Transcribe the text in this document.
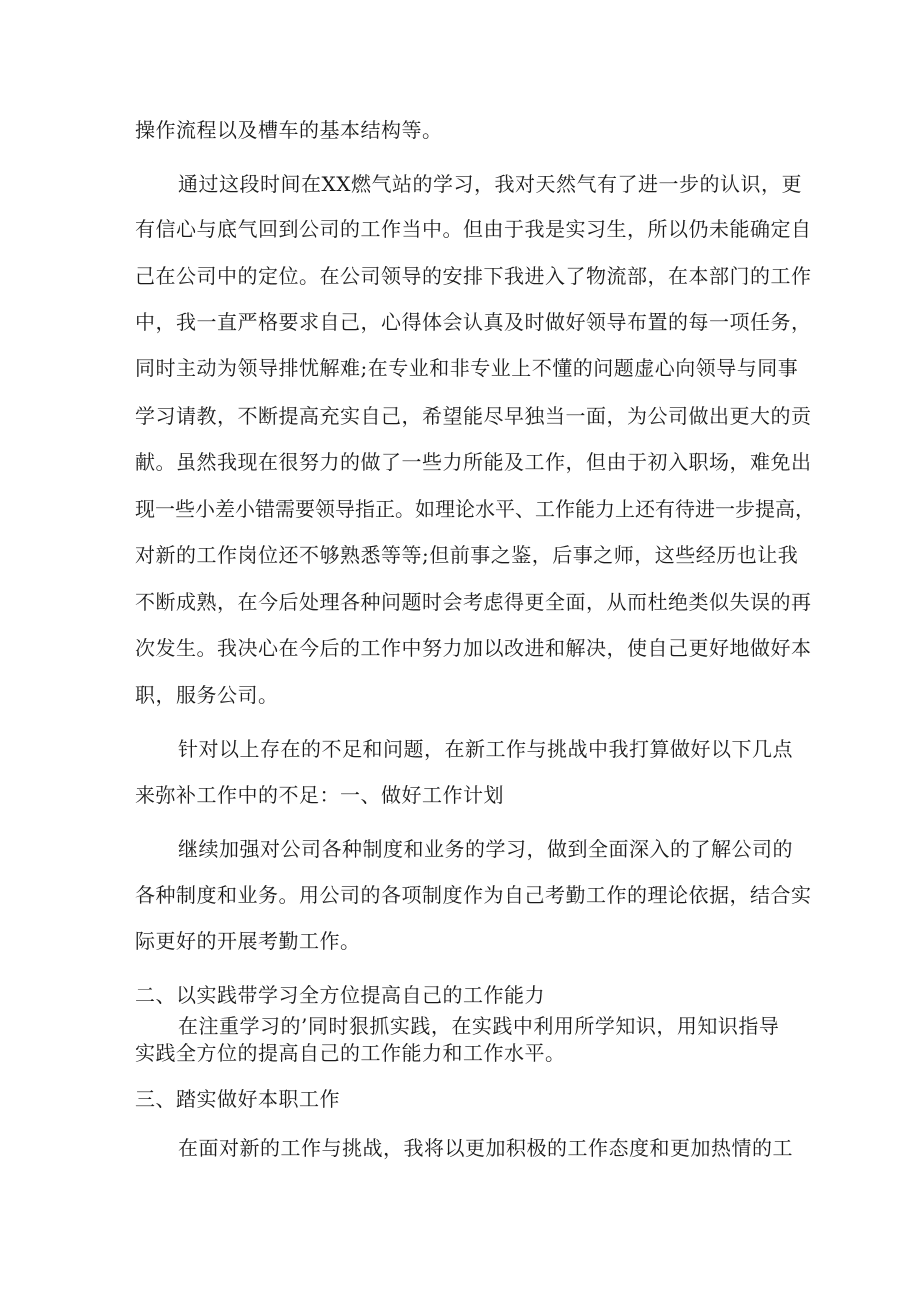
操作流程以及槽车的基本结构等。

通过这段时间在XX燃气站的学习，我对天然气有了进一步的认识，更

有信心与底气回到公司的工作当中。但由于我是实习生，所以仍未能确定自

己在公司中的定位。在公司领导的安排下我进入了物流部，在本部门的工作

中，我一直严格要求自己，心得体会认真及时做好领导布置的每一项任务，

同时主动为领导排忧解难;在专业和非专业上不懂的问题虚心向领导与同事

学习请教，不断提高充实自己，希望能尽早独当一面，为公司做出更大的贡

献。虽然我现在很努力的做了一些力所能及工作，但由于初入职场，难免出

现一些小差小错需要领导指正。如理论水平、工作能力上还有待进一步提高，

对新的工作岗位还不够熟悉等等;但前事之鉴，后事之师，这些经历也让我

不断成熟，在今后处理各种问题时会考虑得更全面，从而杜绝类似失误的再

次发生。我决心在今后的工作中努力加以改进和解决，使自己更好地做好本

职，服务公司。

针对以上存在的不足和问题，在新工作与挑战中我打算做好以下几点

来弥补工作中的不足：一、做好工作计划

继续加强对公司各种制度和业务的学习，做到全面深入的了解公司的

各种制度和业务。用公司的各项制度作为自己考勤工作的理论依据，结合实

际更好的开展考勤工作。

二、以实践带学习全方位提高自己的工作能力

在注重学习的’同时狠抓实践，在实践中利用所学知识，用知识指导

实践全方位的提高自己的工作能力和工作水平。

三、踏实做好本职工作

在面对新的工作与挑战，我将以更加积极的工作态度和更加热情的工
